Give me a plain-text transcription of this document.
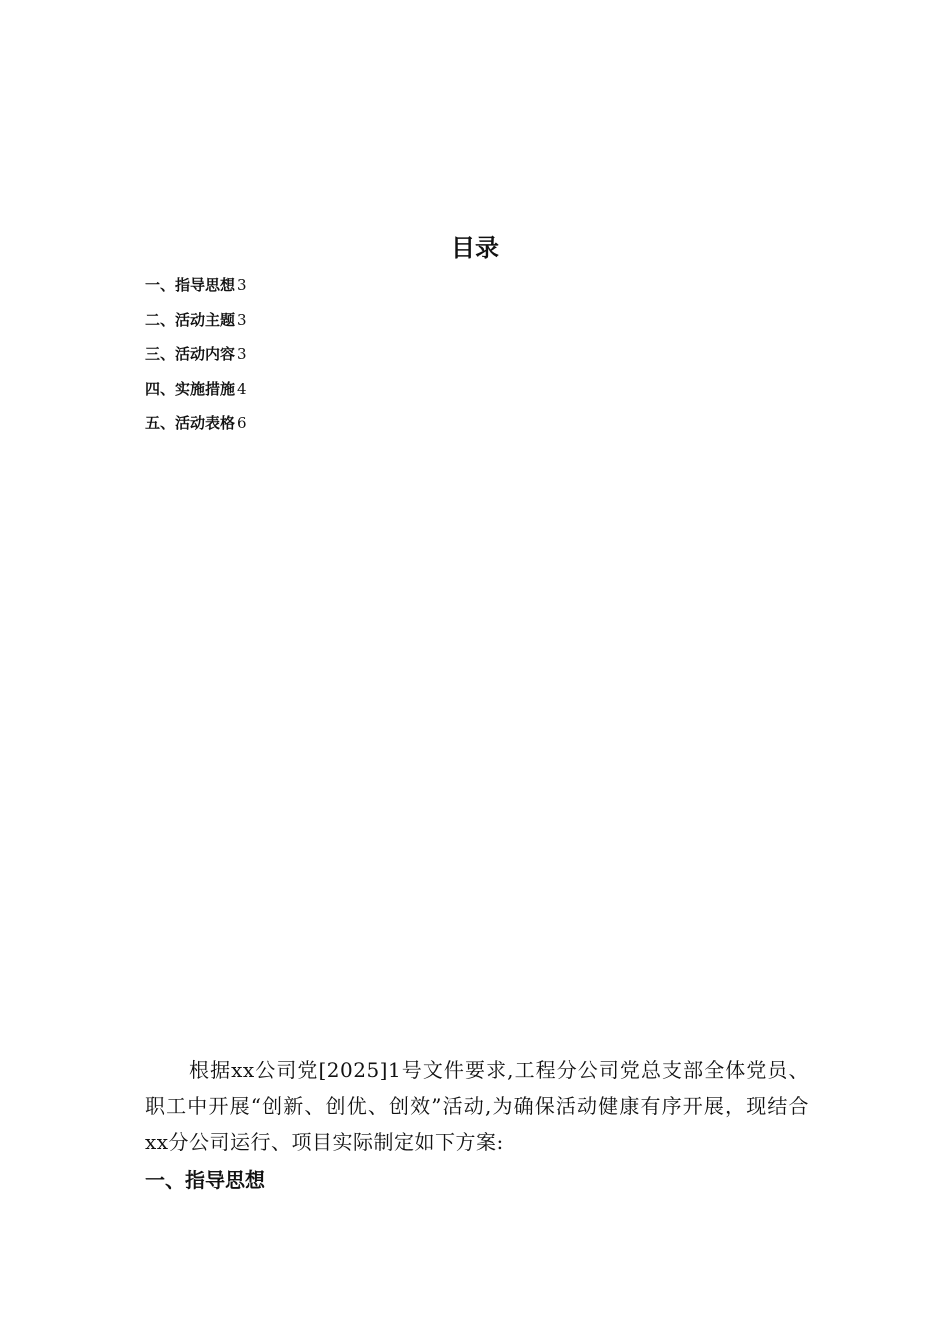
目录
一、指导思想 3
二、活动主题 3
三、活动内容 3
四、实施措施 4
五、活动表格 6

根据xx公司党[2025]1号文件要求,工程分公司党总支部全体党员、职工中开展“创新、创优、创效”活动,为确保活动健康有序开展，现结合xx分公司运行、项目实际制定如下方案:

一、指导思想
